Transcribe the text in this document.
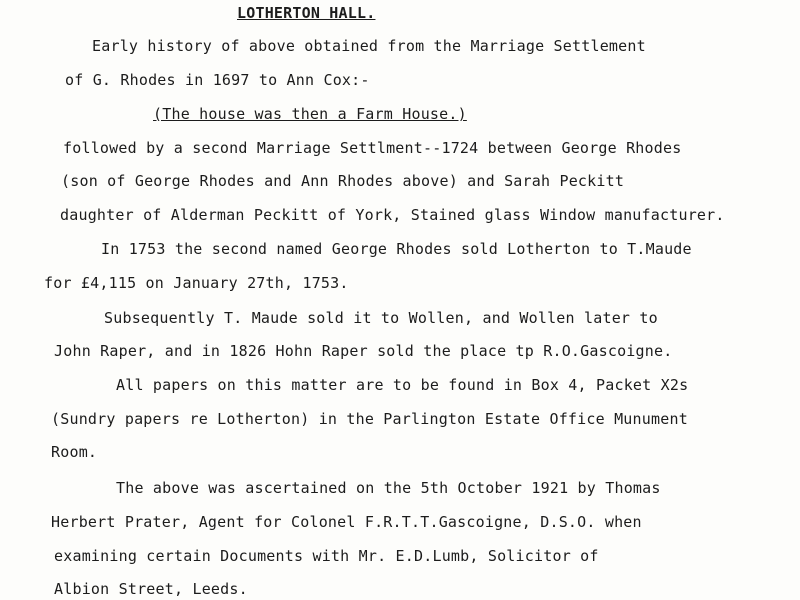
LOTHERTON HALL.
Early history of above obtained from the Marriage Settlement
of G. Rhodes in 1697 to Ann Cox:-
(The house was then a Farm House.)
followed by a second Marriage Settlment--1724 between George Rhodes
(son of George Rhodes and Ann Rhodes above) and Sarah Peckitt
daughter of Alderman Peckitt of York, Stained glass Window manufacturer.
In 1753 the second named George Rhodes sold Lotherton to T.Maude
for £4,115 on January 27th, 1753.
Subsequently T. Maude sold it to Wollen, and Wollen later to
John Raper, and in 1826 Hohn Raper sold the place tp R.O.Gascoigne.
All papers on this matter are to be found in Box 4, Packet X2s
(Sundry papers re Lotherton) in the Parlington Estate Office Munument
Room.
The above was ascertained on the 5th October 1921 by Thomas
Herbert Prater, Agent for Colonel F.R.T.T.Gascoigne, D.S.O. when
examining certain Documents with Mr. E.D.Lumb, Solicitor of
Albion Street, Leeds.
